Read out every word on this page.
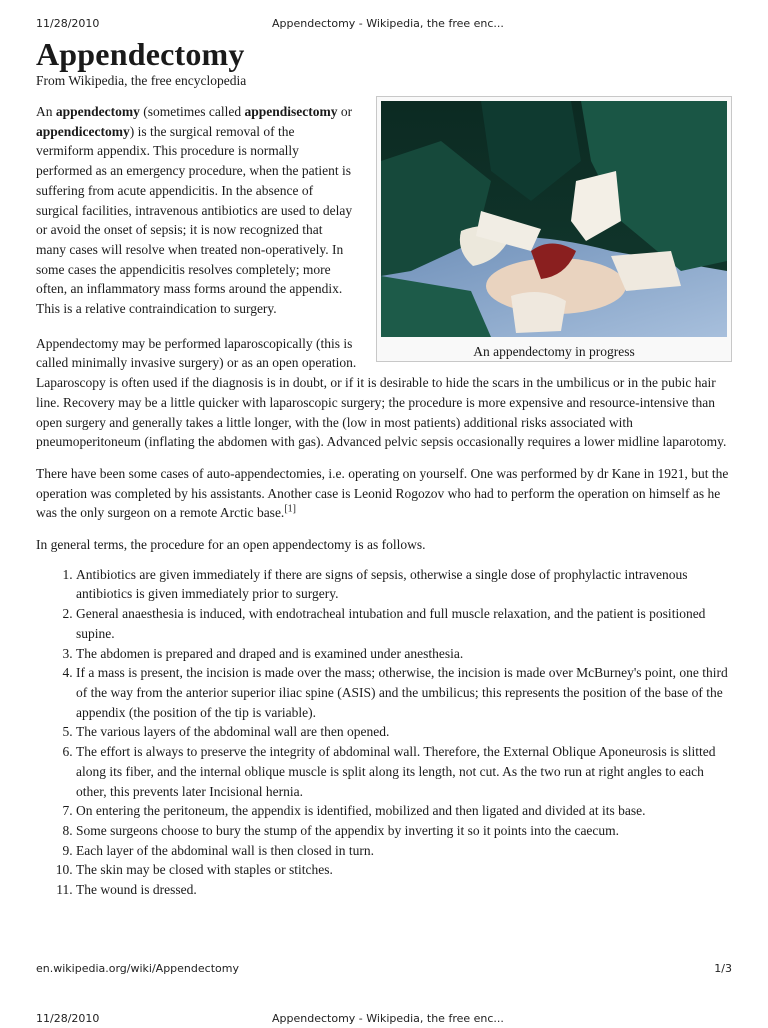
11/28/2010	Appendectomy - Wikipedia, the free enc...
Appendectomy
From Wikipedia, the free encyclopedia
An appendectomy in progress

An appendectomy (sometimes called appendisectomy or appendicectomy) is the surgical removal of the vermiform appendix. This procedure is normally performed as an emergency procedure, when the patient is suffering from acute appendicitis. In the absence of surgical facilities, intravenous antibiotics are used to delay or avoid the onset of sepsis; it is now recognized that many cases will resolve when treated non-operatively. In some cases the appendicitis resolves completely; more often, an inflammatory mass forms around the appendix. This is a relative contraindication to surgery.

Appendectomy may be performed laparoscopically (this is called minimally invasive surgery) or as an open operation. Laparoscopy is often used if the diagnosis is in doubt, or if it is desirable to hide the scars in the umbilicus or in the pubic hair line. Recovery may be a little quicker with laparoscopic surgery; the procedure is more expensive and resource-intensive than open surgery and generally takes a little longer, with the (low in most patients) additional risks associated with pneumoperitoneum (inflating the abdomen with gas). Advanced pelvic sepsis occasionally requires a lower midline laparotomy.

There have been some cases of auto-appendectomies, i.e. operating on yourself. One was performed by dr Kane in 1921, but the operation was completed by his assistants. Another case is Leonid Rogozov who had to perform the operation on himself as he was the only surgeon on a remote Arctic base.[1]

In general terms, the procedure for an open appendectomy is as follows.

1. Antibiotics are given immediately if there are signs of sepsis, otherwise a single dose of prophylactic intravenous antibiotics is given immediately prior to surgery.
2. General anaesthesia is induced, with endotracheal intubation and full muscle relaxation, and the patient is positioned supine.
3. The abdomen is prepared and draped and is examined under anesthesia.
4. If a mass is present, the incision is made over the mass; otherwise, the incision is made over McBurney's point, one third of the way from the anterior superior iliac spine (ASIS) and the umbilicus; this represents the position of the base of the appendix (the position of the tip is variable).
5. The various layers of the abdominal wall are then opened.
6. The effort is always to preserve the integrity of abdominal wall. Therefore, the External Oblique Aponeurosis is slitted along its fiber, and the internal oblique muscle is split along its length, not cut. As the two run at right angles to each other, this prevents later Incisional hernia.
7. On entering the peritoneum, the appendix is identified, mobilized and then ligated and divided at its base.
8. Some surgeons choose to bury the stump of the appendix by inverting it so it points into the caecum.
9. Each layer of the abdominal wall is then closed in turn.
10. The skin may be closed with staples or stitches.
11. The wound is dressed.
en.wikipedia.org/wiki/Appendectomy	1/3
11/28/2010	Appendectomy - Wikipedia, the free enc...
